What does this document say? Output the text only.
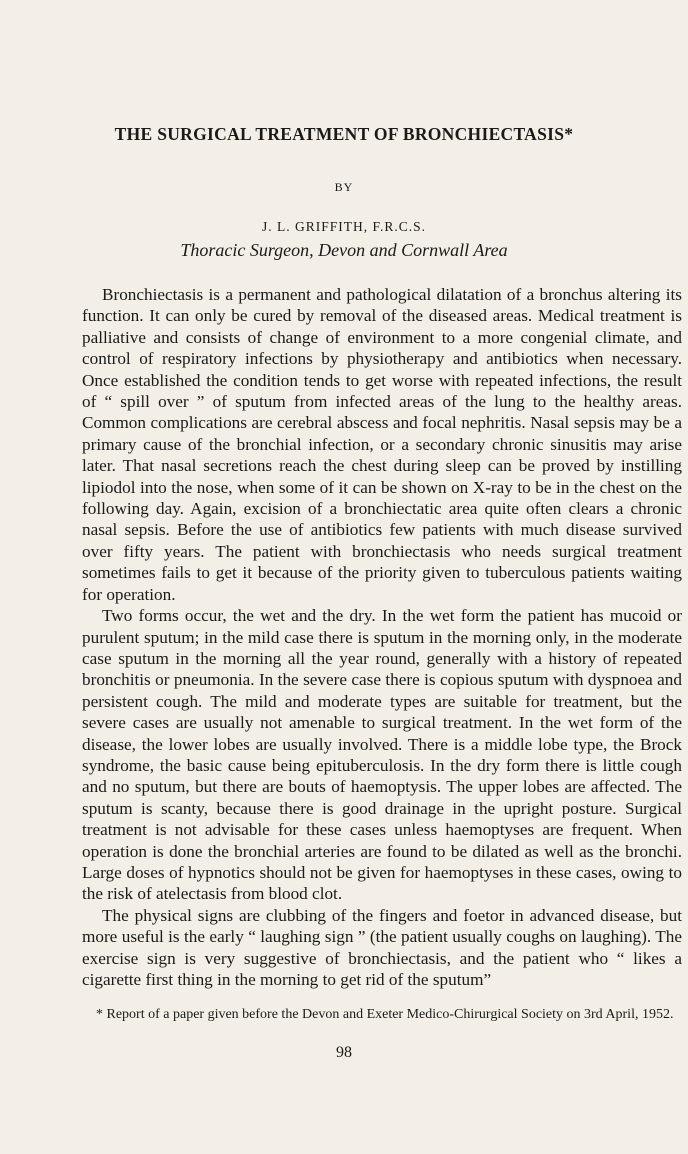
THE SURGICAL TREATMENT OF BRONCHIECTASIS*
BY
J. L. GRIFFITH, F.R.C.S.
Thoracic Surgeon, Devon and Cornwall Area

Bronchiectasis is a permanent and pathological dilatation of a bronchus altering its function. It can only be cured by removal of the diseased areas. Medical treatment is palliative and consists of change of environment to a more congenial climate, and control of respiratory infections by physiotherapy and antibiotics when necessary. Once established the condition tends to get worse with repeated infections, the result of “ spill over ” of sputum from infected areas of the lung to the healthy areas. Common complications are cerebral abscess and focal nephritis. Nasal sepsis may be a primary cause of the bronchial infection, or a secondary chronic sinusitis may arise later. That nasal secretions reach the chest during sleep can be proved by instilling lipiodol into the nose, when some of it can be shown on X-ray to be in the chest on the following day. Again, excision of a bronchiectatic area quite often clears a chronic nasal sepsis. Before the use of antibiotics few patients with much disease survived over fifty years. The patient with bronchiectasis who needs surgical treatment sometimes fails to get it because of the priority given to tuberculous patients waiting for operation.

Two forms occur, the wet and the dry. In the wet form the patient has mucoid or purulent sputum; in the mild case there is sputum in the morning only, in the moderate case sputum in the morning all the year round, generally with a history of repeated bronchitis or pneumonia. In the severe case there is copious sputum with dyspnoea and persistent cough. The mild and moderate types are suitable for treatment, but the severe cases are usually not amenable to surgical treatment. In the wet form of the disease, the lower lobes are usually involved. There is a middle lobe type, the Brock syndrome, the basic cause being epituberculosis. In the dry form there is little cough and no sputum, but there are bouts of haemoptysis. The upper lobes are affected. The sputum is scanty, because there is good drainage in the upright posture. Surgical treatment is not advisable for these cases unless haemoptyses are frequent. When operation is done the bronchial arteries are found to be dilated as well as the bronchi. Large doses of hypnotics should not be given for haemoptyses in these cases, owing to the risk of atelectasis from blood clot.

The physical signs are clubbing of the fingers and foetor in advanced disease, but more useful is the early “ laughing sign ” (the patient usually coughs on laughing). The exercise sign is very suggestive of bronchiectasis, and the patient who “ likes a cigarette first thing in the morning to get rid of the sputum”

* Report of a paper given before the Devon and Exeter Medico-Chirurgical Society on 3rd April, 1952.
98
